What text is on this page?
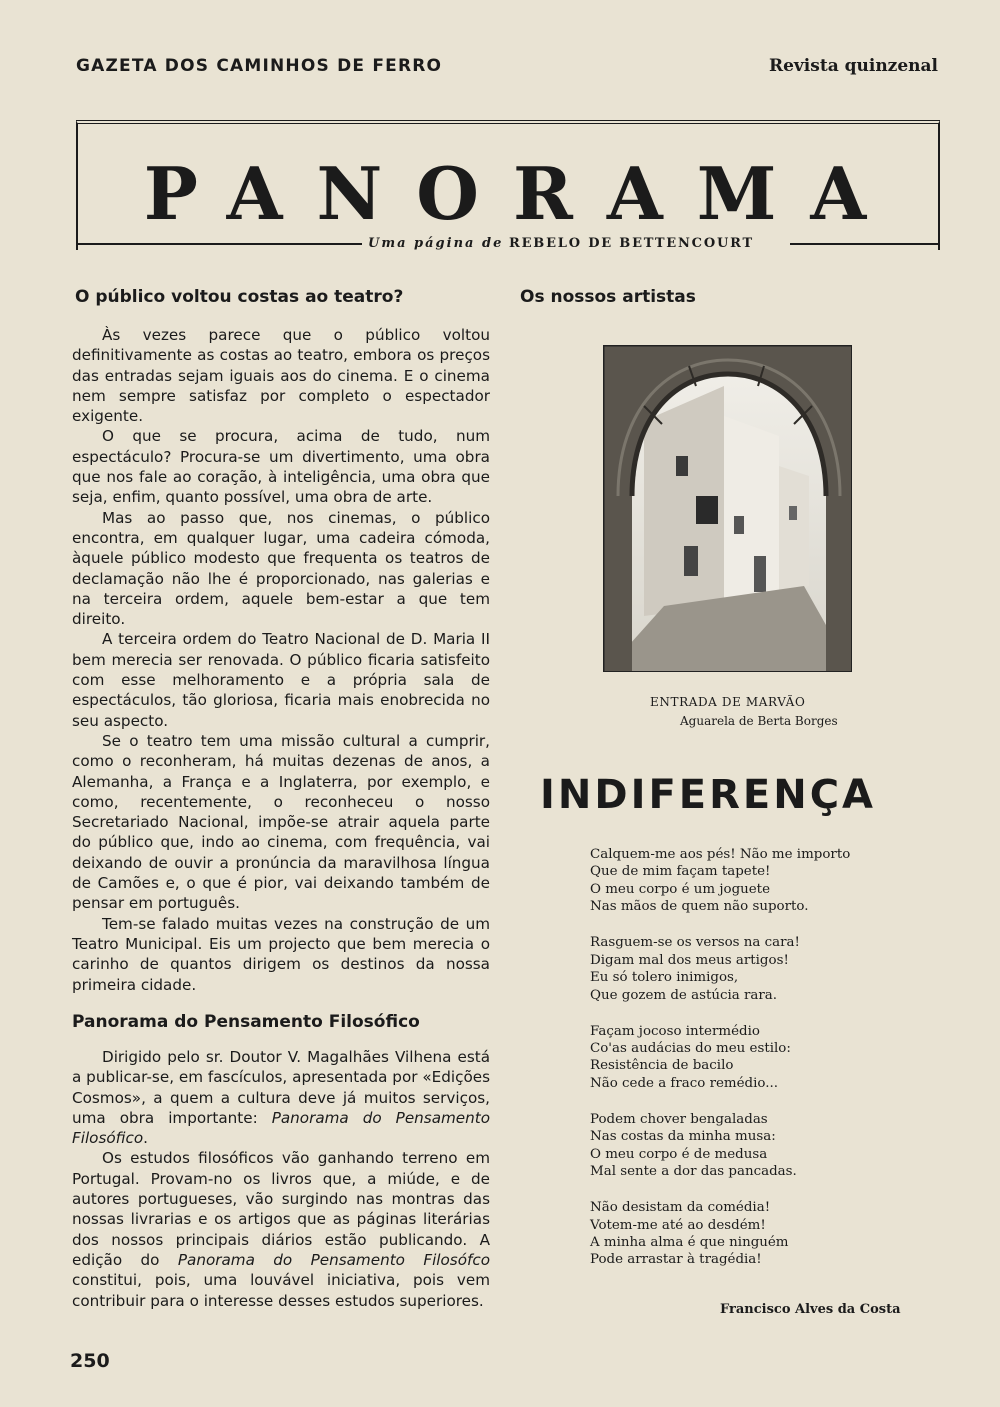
GAZETA DOS CAMINHOS DE FERRO	Revista quinzenal
PANORAMA
Uma página de REBELO DE BETTENCOURT
O público voltou costas ao teatro?

Às vezes parece que o público voltou definitivamente as costas ao teatro, embora os preços das entradas sejam iguais aos do cinema. E o cinema nem sempre satisfaz por completo o espectador exigente.

O que se procura, acima de tudo, num espectáculo? Procura-se um divertimento, uma obra que nos fale ao coração, à inteligência, uma obra que seja, enfim, quanto possível, uma obra de arte.

Mas ao passo que, nos cinemas, o público encontra, em qualquer lugar, uma cadeira cómoda, àquele público modesto que frequenta os teatros de declamação não lhe é proporcionado, nas galerias e na terceira ordem, aquele bem-estar a que tem direito.

A terceira ordem do Teatro Nacional de D. Maria II bem merecia ser renovada. O público ficaria satisfeito com esse melhoramento e a própria sala de espectáculos, tão gloriosa, ficaria mais enobrecida no seu aspecto.

Se o teatro tem uma missão cultural a cumprir, como o reconheram, há muitas dezenas de anos, a Alemanha, a França e a Inglaterra, por exemplo, e como, recentemente, o reconheceu o nosso Secretariado Nacional, impõe-se atrair aquela parte do público que, indo ao cinema, com frequência, vai deixando de ouvir a pronúncia da maravilhosa língua de Camões e, o que é pior, vai deixando também de pensar em português.

Tem-se falado muitas vezes na construção de um Teatro Municipal. Eis um projecto que bem merecia o carinho de quantos dirigem os destinos da nossa primeira cidade.

Panorama do Pensamento Filosófico

Dirigido pelo sr. Doutor V. Magalhães Vilhena está a publicar-se, em fascículos, apresentada por «Edições Cosmos», a quem a cultura deve já muitos serviços, uma obra importante: Panorama do Pensamento Filosófico.

Os estudos filosóficos vão ganhando terreno em Portugal. Provam-no os livros que, a miúde, e de autores portugueses, vão surgindo nas montras das nossas livrarias e os artigos que as páginas literárias dos nossos principais diários estão publicando. A edição do Panorama do Pensamento Filosófco constitui, pois, uma louvável iniciativa, pois vem contribuir para o interesse desses estudos superiores.

250
Os nossos artistas
ENTRADA DE MARVÃO
Aguarela de Berta Borges
INDIFERENÇA
Calquem-me aos pés! Não me importo
Que de mim façam tapete!
O meu corpo é um joguete
Nas mãos de quem não suporto.
Rasguem-se os versos na cara!
Digam mal dos meus artigos!
Eu só tolero inimigos,
Que gozem de astúcia rara.
Façam jocoso intermédio
Co'as audácias do meu estilo:
Resistência de bacilo
Não cede a fraco remédio...
Podem chover bengaladas
Nas costas da minha musa:
O meu corpo é de medusa
Mal sente a dor das pancadas.
Não desistam da comédia!
Votem-me até ao desdém!
A minha alma é que ninguém
Pode arrastar à tragédia!
Francisco Alves da Costa
